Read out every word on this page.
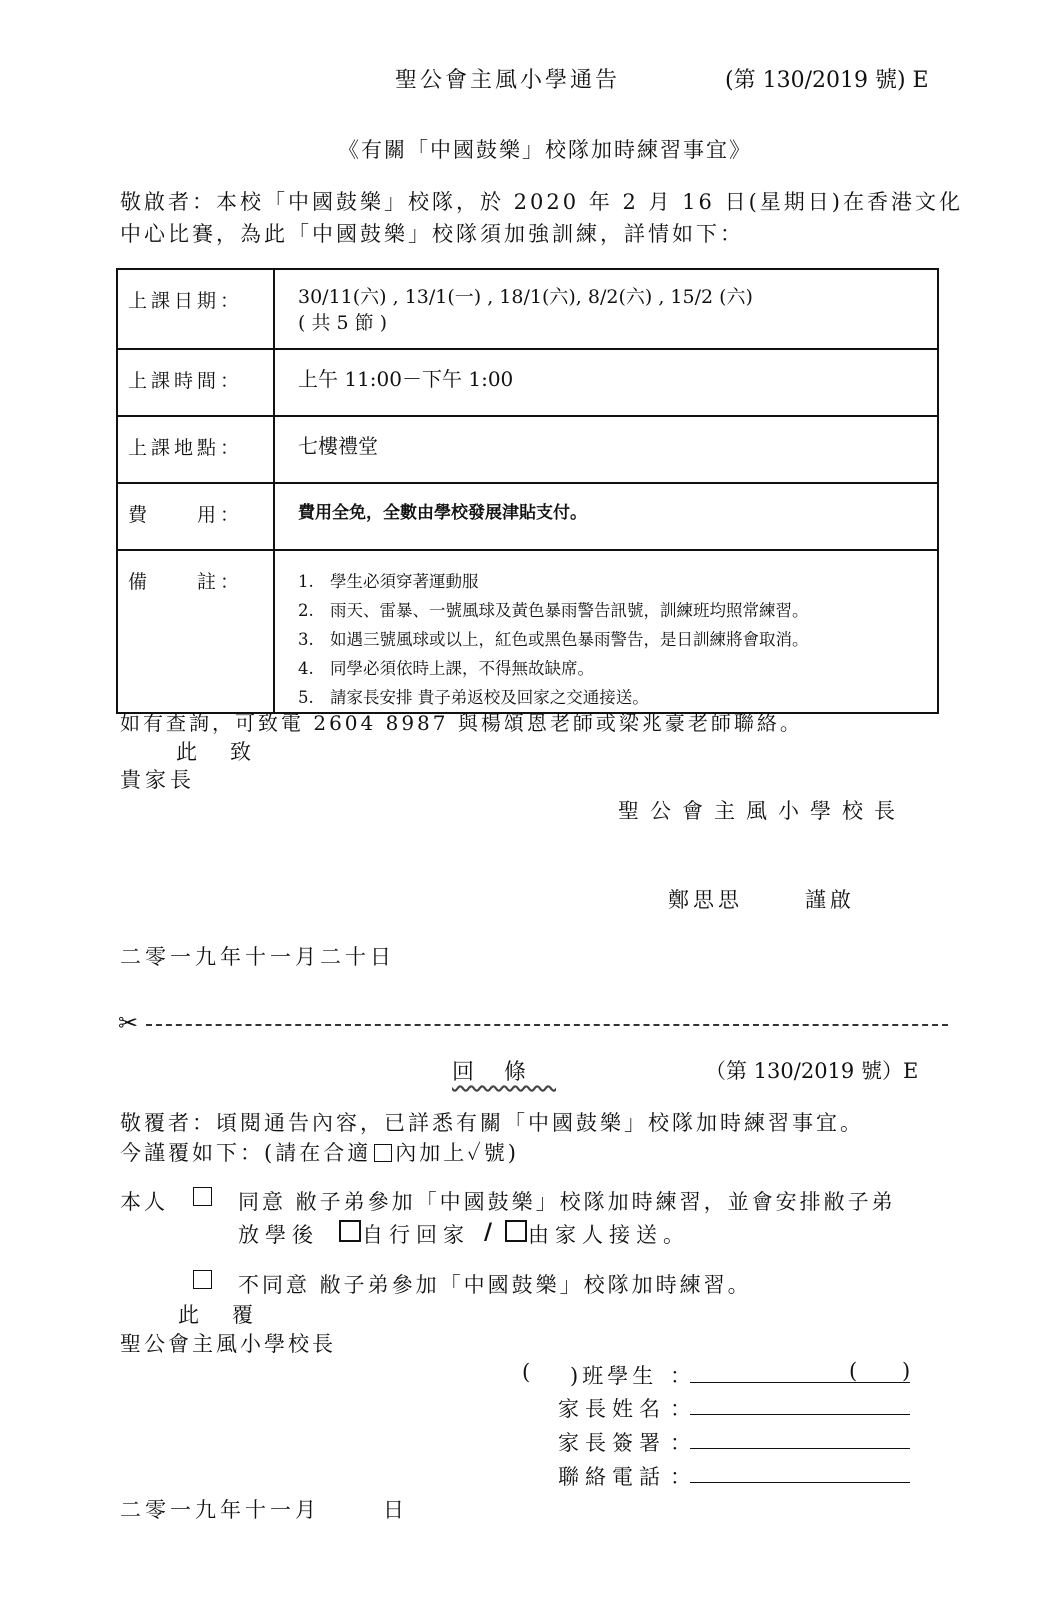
聖公會主風小學通告	(第 130/2019 號) E
《有關「中國鼓樂」校隊加時練習事宜》
敬啟者：本校「中國鼓樂」校隊，於 2020 年 2 月 16 日(星期日)在香港文化
中心比賽，為此「中國鼓樂」校隊須加強訓練，詳情如下：
上課日期：	30/11(六) , 13/1(一) , 18/1(六), 8/2(六) , 15/2 (六)
( 共 5 節 )

上課時間：	上午 11:00－下午 1:00
上課地點：	七樓禮堂
費　　用：	費用全免，全數由學校發展津貼支付。
備　　註：	1. 學生必須穿著運動服
2. 雨天、雷暴、一號風球及黃色暴雨警告訊號，訓練班均照常練習。
3. 如遇三號風球或以上，紅色或黑色暴雨警告，是日訓練將會取消。
4. 同學必須依時上課，不得無故缺席。
5. 請家長安排 貴子弟返校及回家之交通接送。
如有查詢，可致電 2604 8987 與楊頌恩老師或梁兆豪老師聯絡。
此　致
貴家長
聖公會主風小學校長
鄭思思	謹啟
二零一九年十一月二十日
✂
回條	（第 130/2019 號）E
敬覆者：頃閱通告內容，已詳悉有關「中國鼓樂」校隊加時練習事宜。
今謹覆如下：(請在合適 內加上✓號)
本人	同意 敝子弟參加「中國鼓樂」校隊加時練習，並會安排敝子弟
放學後 自行回家 / 由家人接送。
不同意 敝子弟參加「中國鼓樂」校隊加時練習。
此　覆
聖公會主風小學校長
( )班學生 ：	( )
家長姓名 ：
家長簽署 ：
聯絡電話 ：
二零一九年十一月	日
